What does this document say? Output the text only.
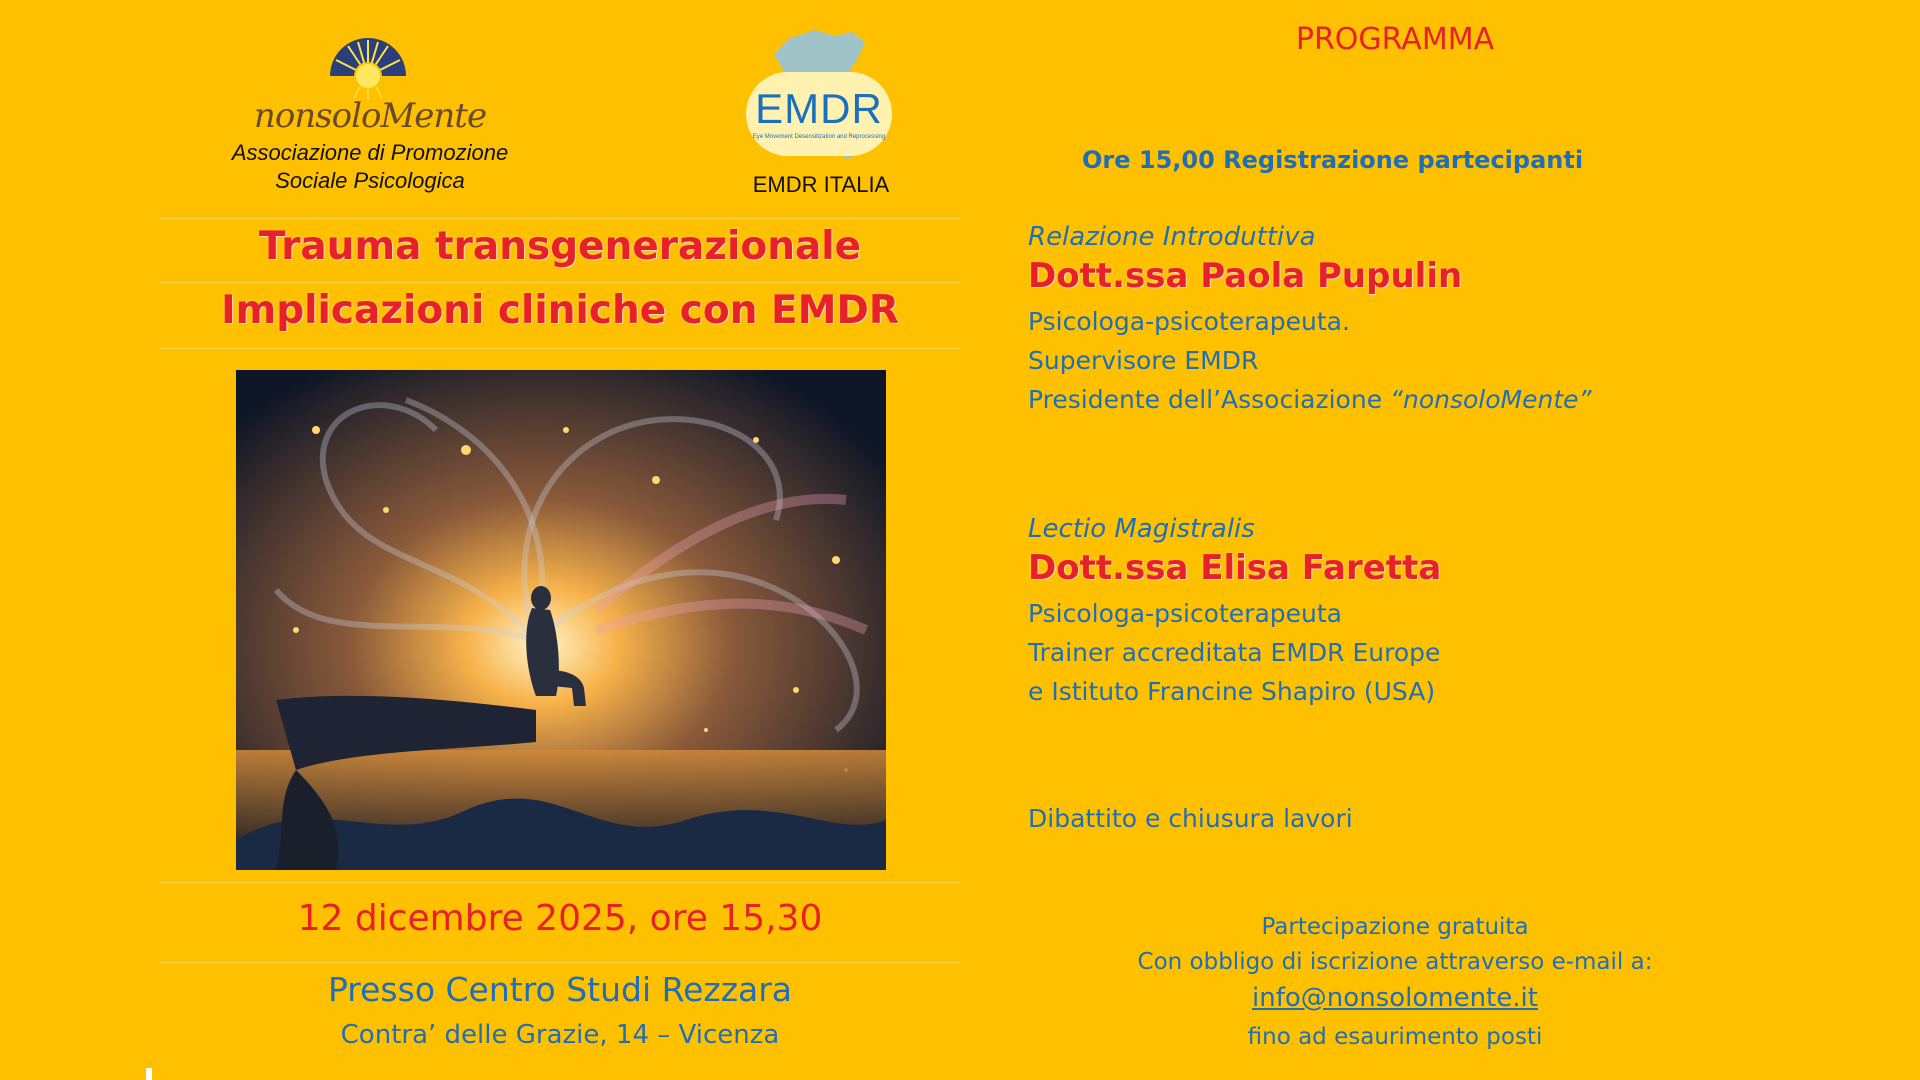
nonsoloMente
Associazione di Promozione
Sociale Psicologica
EMDR
Eye Movement Desensitization and Reprocessing
EMDR ITALIA
Trauma transgenerazionale
Implicazioni cliniche con EMDR
12 dicembre 2025, ore 15,30
Presso Centro Studi Rezzara
Contra’ delle Grazie, 14 – Vicenza
PROGRAMMA
Ore 15,00 Registrazione partecipanti
Relazione Introduttiva
Dott.ssa Paola Pupulin
Psicologa-psicoterapeuta.
Supervisore EMDR
Presidente dell’Associazione “nonsoloMente”
Lectio Magistralis
Dott.ssa Elisa Faretta
Psicologa-psicoterapeuta
Trainer accreditata EMDR Europe
e Istituto Francine Shapiro (USA)
Dibattito e chiusura lavori
Partecipazione gratuita
Con obbligo di iscrizione attraverso e-mail a:
info@nonsolomente.it
fino ad esaurimento posti
